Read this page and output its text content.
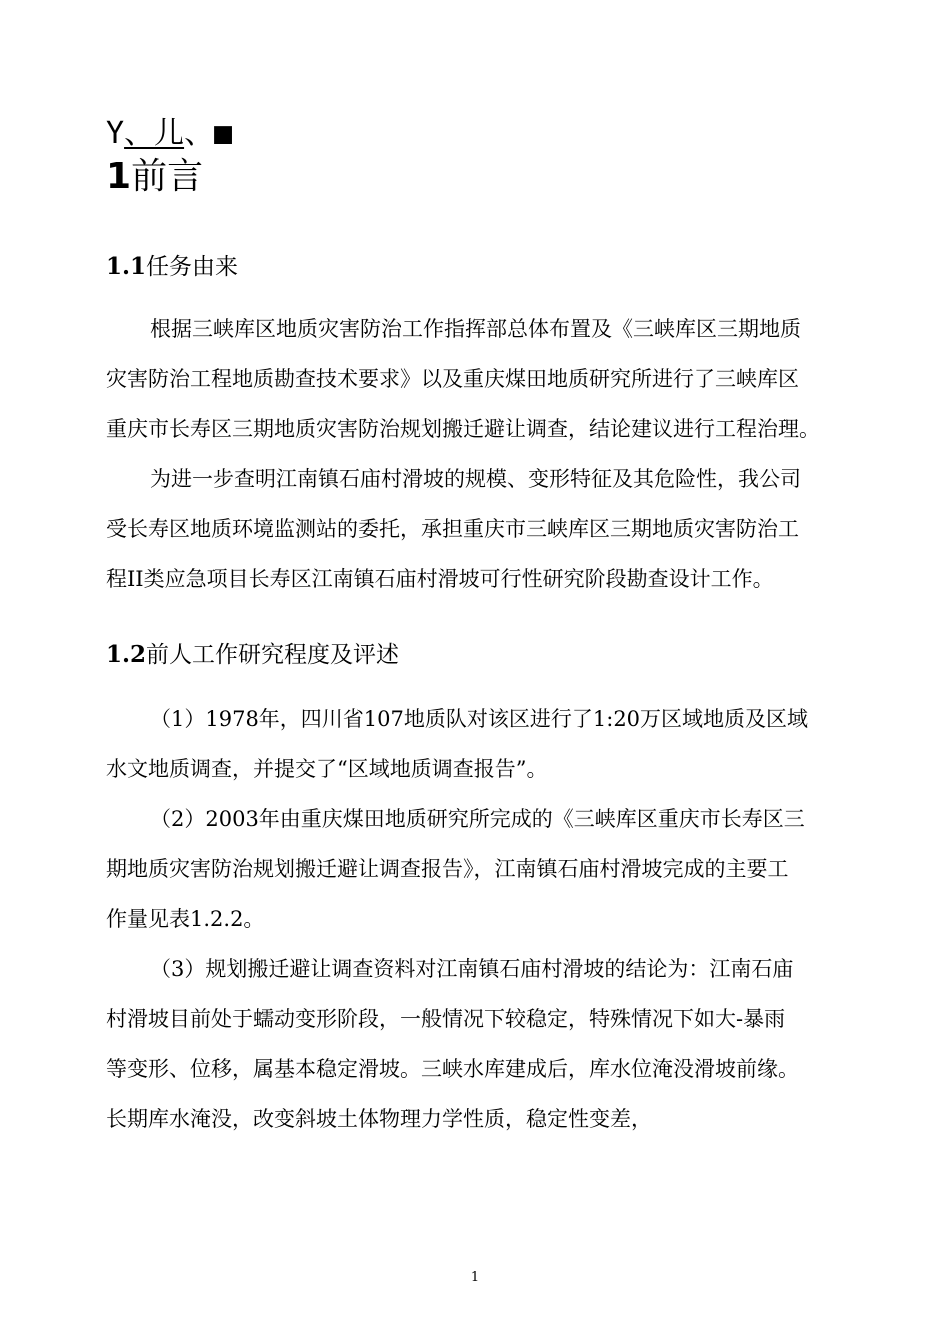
Y、儿、■
1前言
1.1任务由来
根据三峡库区地质灾害防治工作指挥部总体布置及《三峡库区三期地质
灾害防治工程地质勘查技术要求》以及重庆煤田地质研究所进行了三峡库区
重庆市长寿区三期地质灾害防治规划搬迁避让调查，结论建议进行工程治理。
为进一步查明江南镇石庙村滑坡的规模、变形特征及其危险性，我公司
受长寿区地质环境监测站的委托，承担重庆市三峡库区三期地质灾害防治工
程II类应急项目长寿区江南镇石庙村滑坡可行性研究阶段勘查设计工作。
1.2前人工作研究程度及评述
（1）1978年，四川省107地质队对该区进行了1:20万区域地质及区域
水文地质调查，并提交了“区域地质调查报告”。
（2）2003年由重庆煤田地质研究所完成的《三峡库区重庆市长寿区三
期地质灾害防治规划搬迁避让调查报告》，江南镇石庙村滑坡完成的主要工
作量见表1.2.2。
（3）规划搬迁避让调查资料对江南镇石庙村滑坡的结论为：江南石庙
村滑坡目前处于蠕动变形阶段，一般情况下较稳定，特殊情况下如大-暴雨
等变形、位移，属基本稳定滑坡。三峡水库建成后，库水位淹没滑坡前缘。
长期库水淹没，改变斜坡土体物理力学性质，稳定性变差，
1
